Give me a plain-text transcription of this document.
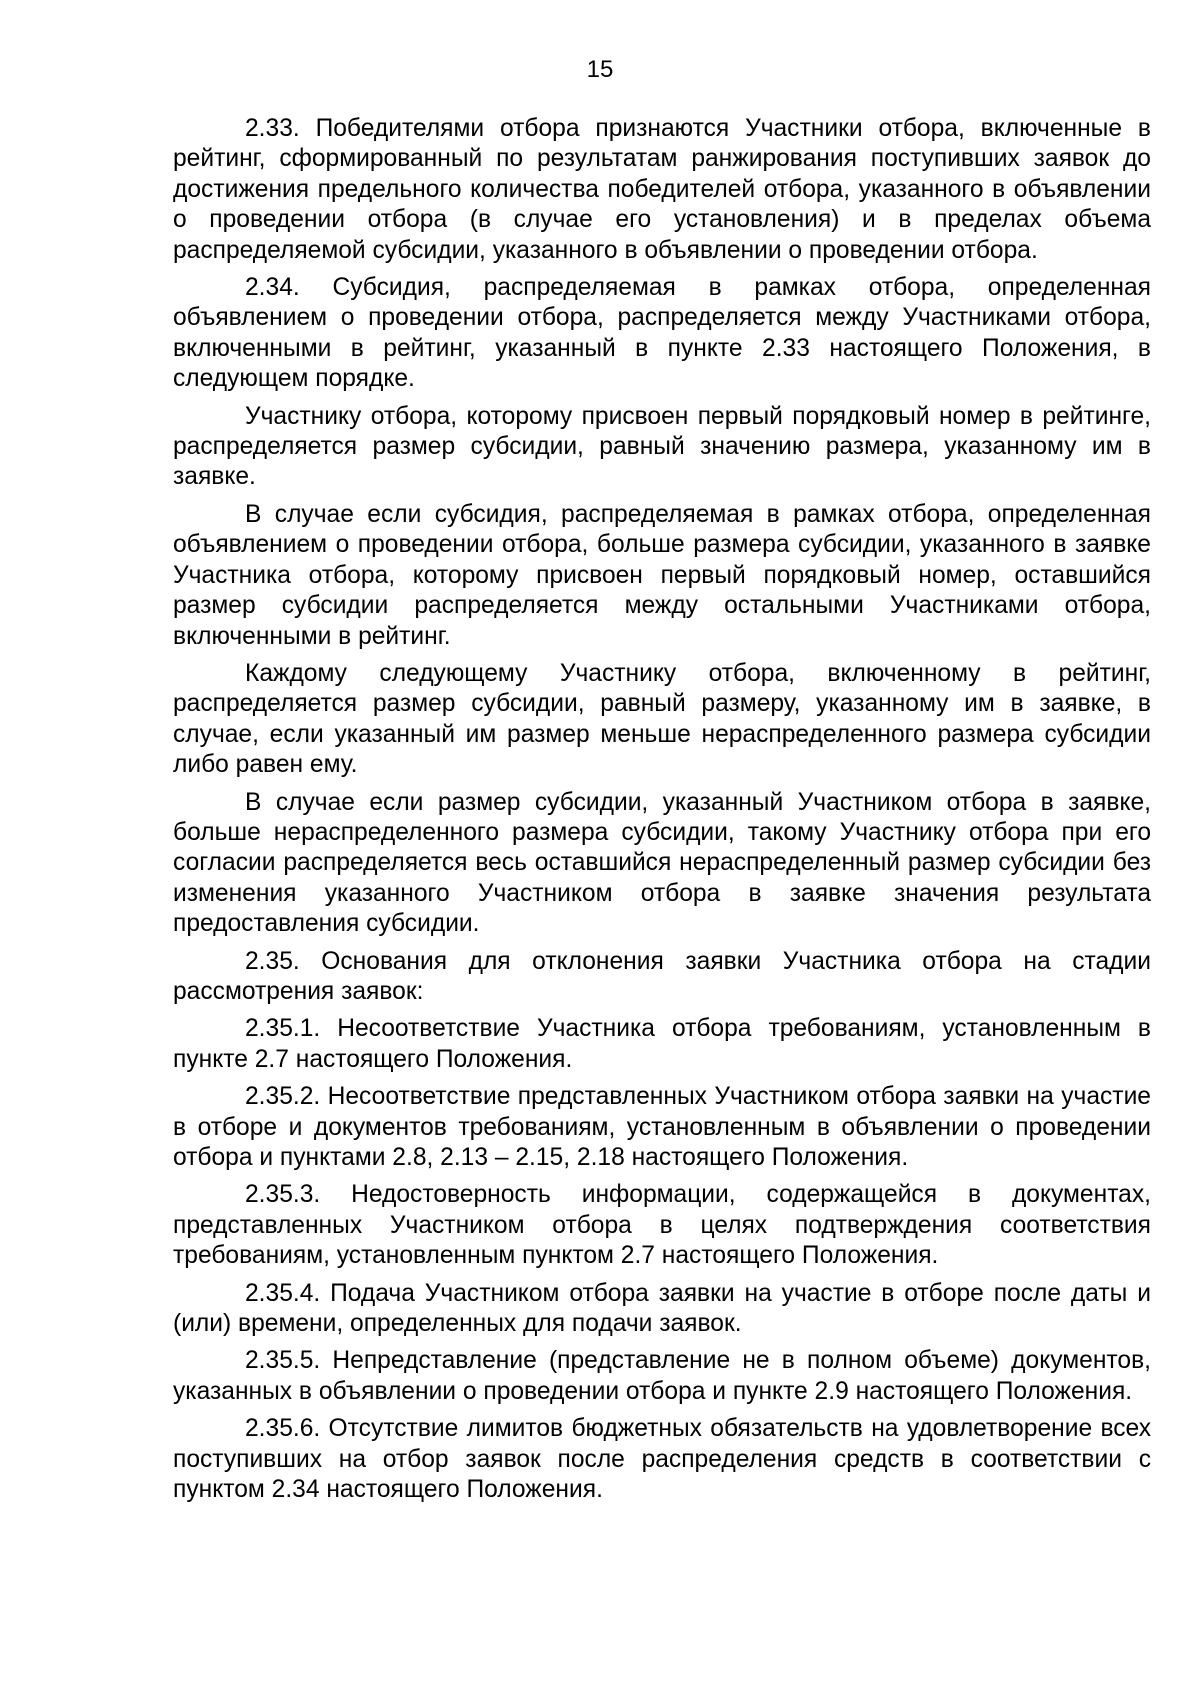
15

2.33. Победителями отбора признаются Участники отбора, включенные в рейтинг, сформированный по результатам ранжирования поступивших заявок до достижения предельного количества победителей отбора, указанного в объявлении о проведении отбора (в случае его установления) и в пределах объема распределяемой субсидии, указанного в объявлении о проведении отбора.

2.34. Субсидия, распределяемая в рамках отбора, определенная объявлением о проведении отбора, распределяется между Участниками отбора, включенными в рейтинг, указанный в пункте 2.33 настоящего Положения, в следующем порядке.

Участнику отбора, которому присвоен первый порядковый номер в рейтинге, распределяется размер субсидии, равный значению размера, указанному им в заявке.

В случае если субсидия, распределяемая в рамках отбора, определенная объявлением о проведении отбора, больше размера субсидии, указанного в заявке Участника отбора, которому присвоен первый порядковый номер, оставшийся размер субсидии распределяется между остальными Участниками отбора, включенными в рейтинг.

Каждому следующему Участнику отбора, включенному в рейтинг, распределяется размер субсидии, равный размеру, указанному им в заявке, в случае, если указанный им размер меньше нераспределенного размера субсидии либо равен ему.

В случае если размер субсидии, указанный Участником отбора в заявке, больше нераспределенного размера субсидии, такому Участнику отбора при его согласии распределяется весь оставшийся нераспределенный размер субсидии без изменения указанного Участником отбора в заявке значения результата предоставления субсидии.

2.35. Основания для отклонения заявки Участника отбора на стадии рассмотрения заявок:

2.35.1. Несоответствие Участника отбора требованиям, установленным в пункте 2.7 настоящего Положения.

2.35.2. Несоответствие представленных Участником отбора заявки на участие в отборе и документов требованиям, установленным в объявлении о проведении отбора и пунктами 2.8, 2.13 – 2.15, 2.18 настоящего Положения.

2.35.3. Недостоверность информации, содержащейся в документах, представленных Участником отбора в целях подтверждения соответствия требованиям, установленным пунктом 2.7 настоящего Положения.

2.35.4. Подача Участником отбора заявки на участие в отборе после даты и (или) времени, определенных для подачи заявок.

2.35.5. Непредставление (представление не в полном объеме) документов, указанных в объявлении о проведении отбора и пункте 2.9 настоящего Положения.

2.35.6. Отсутствие лимитов бюджетных обязательств на удовлетворение всех поступивших на отбор заявок после распределения средств в соответствии с пунктом 2.34 настоящего Положения.
